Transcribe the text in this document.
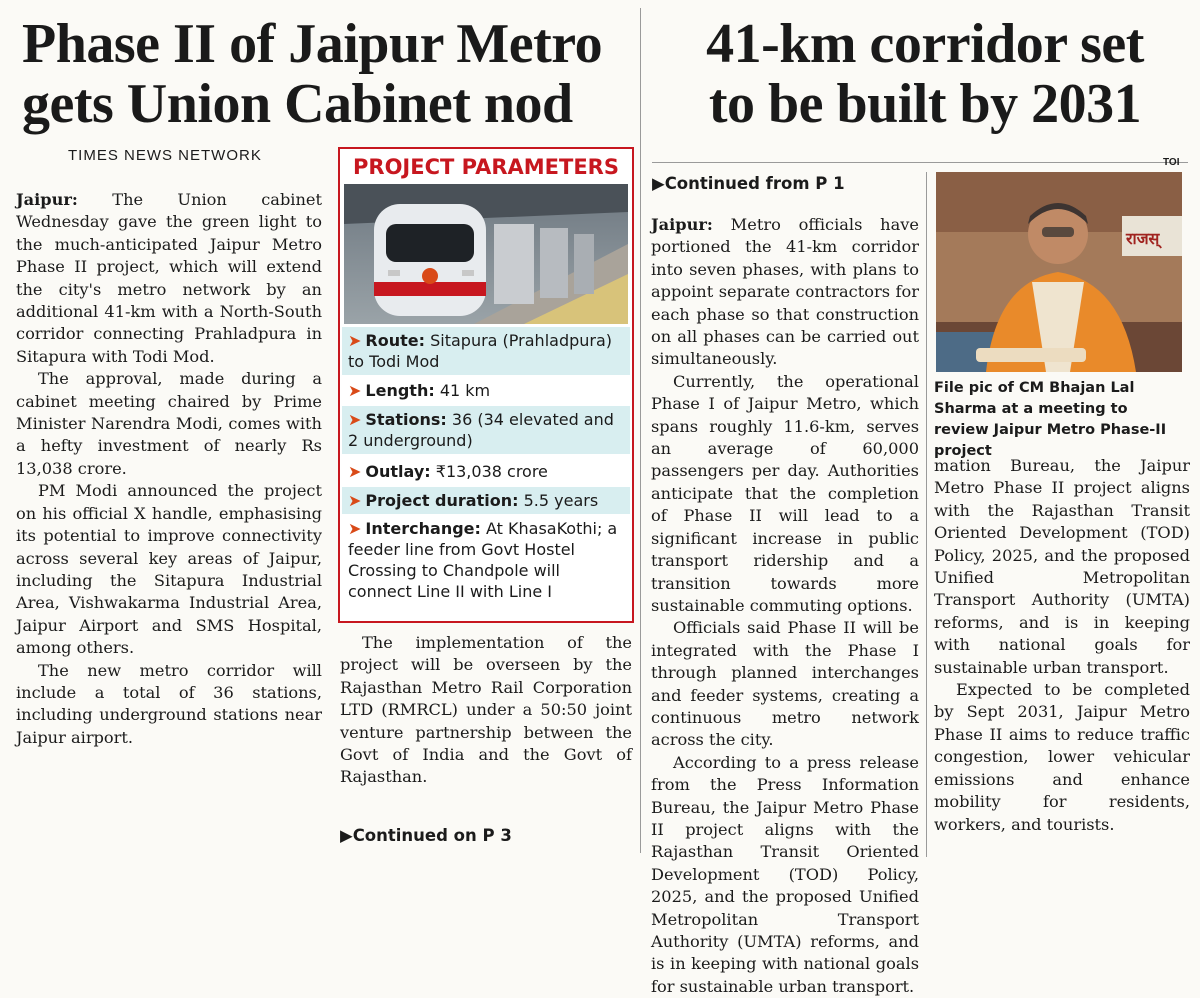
Phase II of Jaipur Metro
gets Union Cabinet nod
TIMES NEWS NETWORK
41-km corridor set
to be built by 2031

Jaipur: The Union cabinet Wednesday gave the green light to the much-anticipated Jaipur Metro Phase II project, which will extend the city's metro network by an additional 41-km with a North-South corridor connecting Prahladpura in Sitapura with Todi Mod.

The approval, made during a cabinet meeting chaired by Prime Minister Narendra Modi, comes with a hefty investment of nearly Rs 13,038 crore.

PM Modi announced the project on his official X handle, emphasising its potential to improve connectivity across several key areas of Jaipur, including the Sitapura Industrial Area, Vishwakarma Industrial Area, Jaipur Airport and SMS Hospital, among others.

The new metro corridor will include a total of 36 stations, including underground stations near Jaipur airport.

PROJECT PARAMETERS
➤ Route: Sitapura (Prahladpura) to Todi Mod
➤ Length: 41 km
➤ Stations: 36 (34 elevated and 2 underground)
➤ Outlay: ₹13,038 crore
➤ Project duration: 5.5 years
➤ Interchange: At KhasaKothi; a feeder line from Govt Hostel Crossing to Chandpole will connect Line II with Line I

The implementation of the project will be overseen by the Rajasthan Metro Rail Corporation LTD (RMRCL) under a 50:50 joint venture partnership between the Govt of India and the Govt of Rajasthan.

▶Continued on P 3
▶Continued from P 1

Jaipur: Metro officials have portioned the 41-km corridor into seven phases, with plans to appoint separate contractors for each phase so that construction on all phases can be carried out simultaneously.

Currently, the operational Phase I of Jaipur Metro, which spans roughly 11.6-km, serves an average of 60,000 passengers per day. Authorities anticipate that the completion of Phase II will lead to a significant increase in public transport ridership and a transition towards more sustainable commuting options.

Officials said Phase II will be integrated with the Phase I through planned interchanges and feeder systems, creating a continuous metro network across the city.

According to a press release from the Press Information Bureau, the Jaipur Metro Phase II project aligns with the Rajasthan Transit Oriented Development (TOD) Policy, 2025, and the proposed Unified Metropolitan Transport Authority (UMTA) reforms, and is in keeping with national goals for sustainable urban transport.

TOI
राजस्
File pic of CM Bhajan Lal Sharma at a meeting to review Jaipur Metro Phase-II project

mation Bureau, the Jaipur Metro Phase II project aligns with the Rajasthan Transit Oriented Development (TOD) Policy, 2025, and the proposed Unified Metropolitan Transport Authority (UMTA) reforms, and is in keeping with national goals for sustainable urban transport.

Expected to be completed by Sept 2031, Jaipur Metro Phase II aims to reduce traffic congestion, lower vehicular emissions and enhance mobility for residents, workers, and tourists.
